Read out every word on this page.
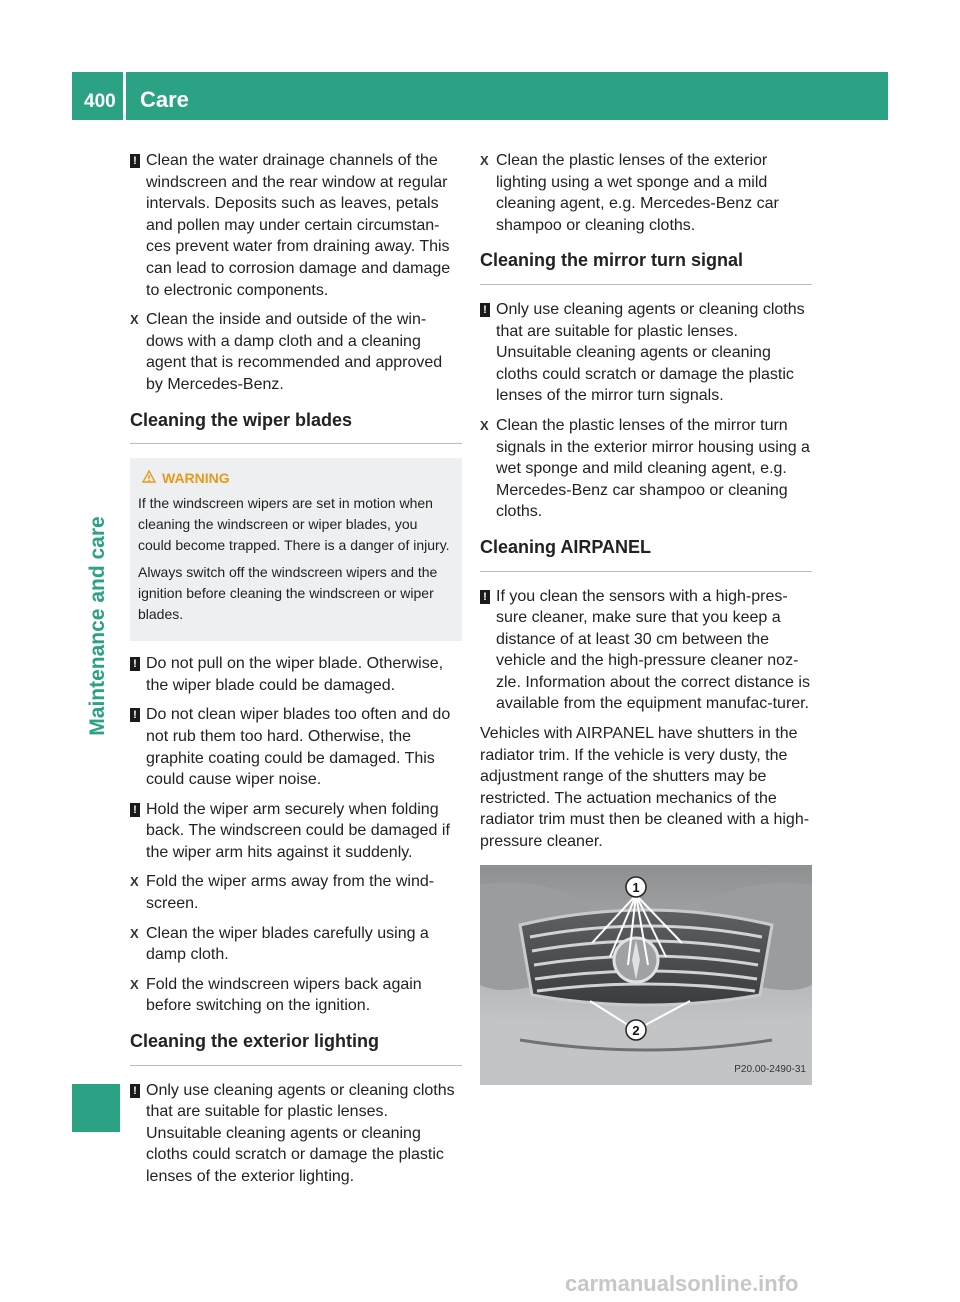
400 Care
Maintenance and care
! Clean the water drainage channels of the windscreen and the rear window at regular intervals. Deposits such as leaves, petals and pollen may under certain circumstan-ces prevent water from draining away. This can lead to corrosion damage and damage to electronic components.
X Clean the inside and outside of the win-dows with a damp cloth and a cleaning agent that is recommended and approved by Mercedes-Benz.
Cleaning the wiper blades
WARNING

If the windscreen wipers are set in motion when cleaning the windscreen or wiper blades, you could become trapped. There is a danger of injury.

Always switch off the windscreen wipers and the ignition before cleaning the windscreen or wiper blades.

! Do not pull on the wiper blade. Otherwise, the wiper blade could be damaged.
! Do not clean wiper blades too often and do not rub them too hard. Otherwise, the graphite coating could be damaged. This could cause wiper noise.
! Hold the wiper arm securely when folding back. The windscreen could be damaged if the wiper arm hits against it suddenly.
X Fold the wiper arms away from the wind-screen.
X Clean the wiper blades carefully using a damp cloth.
X Fold the windscreen wipers back again before switching on the ignition.
Cleaning the exterior lighting
! Only use cleaning agents or cleaning cloths that are suitable for plastic lenses. Unsuitable cleaning agents or cleaning cloths could scratch or damage the plastic lenses of the exterior lighting.
X Clean the plastic lenses of the exterior lighting using a wet sponge and a mild cleaning agent, e.g. Mercedes-Benz car shampoo or cleaning cloths.
Cleaning the mirror turn signal
! Only use cleaning agents or cleaning cloths that are suitable for plastic lenses. Unsuitable cleaning agents or cleaning cloths could scratch or damage the plastic lenses of the mirror turn signals.
X Clean the plastic lenses of the mirror turn signals in the exterior mirror housing using a wet sponge and mild cleaning agent, e.g. Mercedes-Benz car shampoo or cleaning cloths.
Cleaning AIRPANEL
! If you clean the sensors with a high-pres-sure cleaner, make sure that you keep a distance of at least 30 cm between the vehicle and the high-pressure cleaner noz-zle. Information about the correct distance is available from the equipment manufac-turer.

Vehicles with AIRPANEL have shutters in the radiator trim. If the vehicle is very dusty, the adjustment range of the shutters may be restricted. The actuation mechanics of the radiator trim must then be cleaned with a high-pressure cleaner.

1
2
P20.00-2490-31
carmanualsonline.info
